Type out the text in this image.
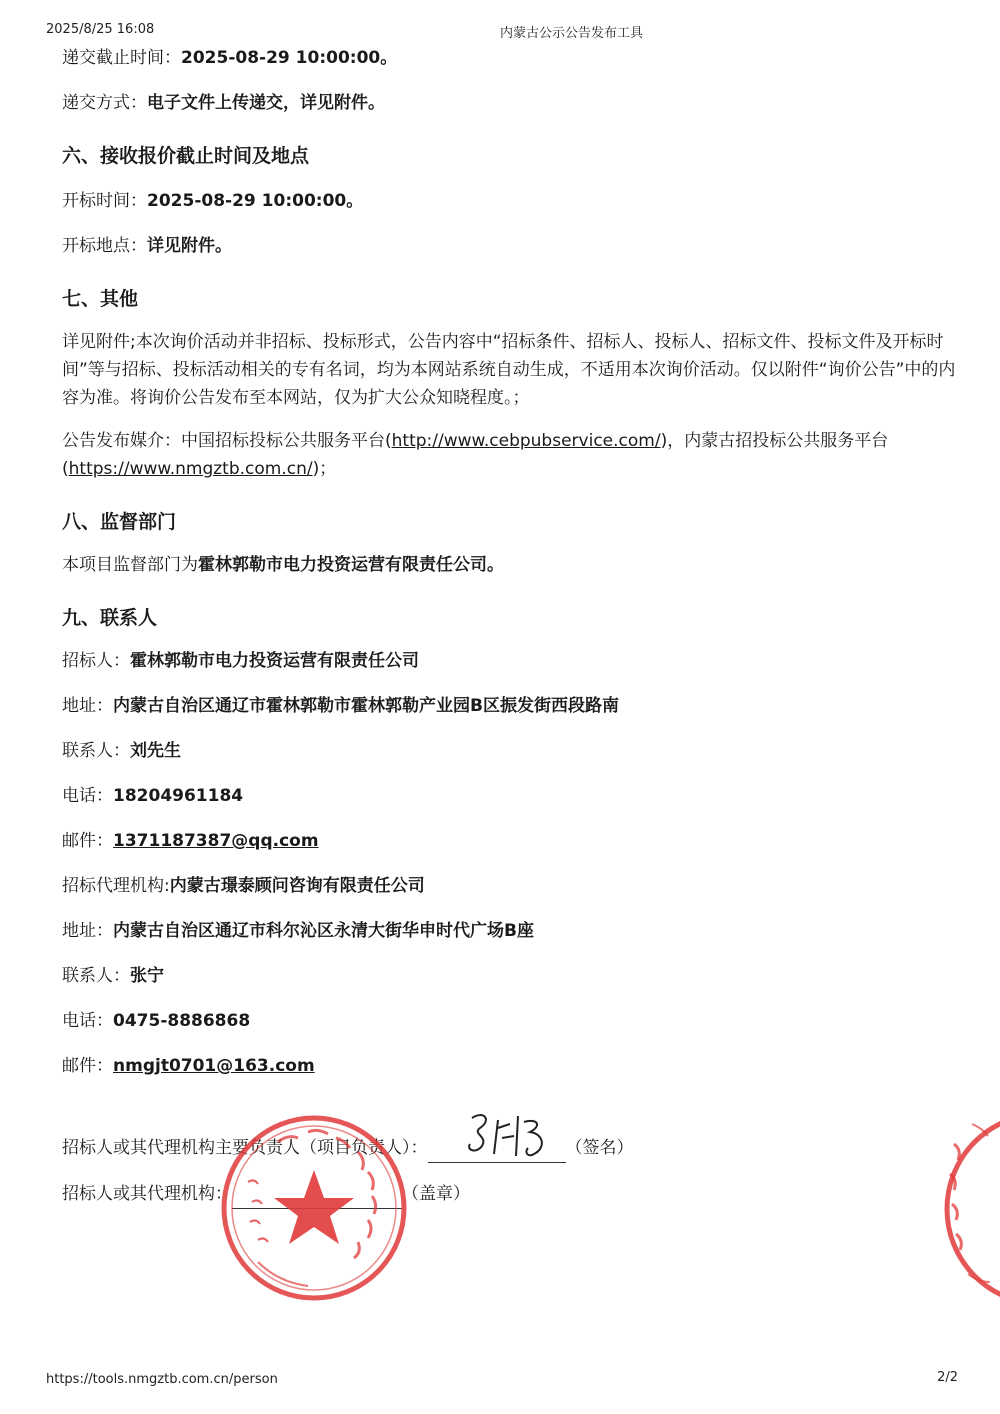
2025/8/25 16:08	内蒙古公示公告发布工具

递交截止时间：2025-08-29 10:00:00。

递交方式：电子文件上传递交，详见附件。

六、接收报价截止时间及地点

开标时间：2025-08-29 10:00:00。

开标地点：详见附件。

七、其他

详见附件;本次询价活动并非招标、投标形式，公告内容中“招标条件、招标人、投标人、招标文件、投标文件及开标时间”等与招标、投标活动相关的专有名词，均为本网站系统自动生成，不适用本次询价活动。仅以附件“询价公告”中的内容为准。将询价公告发布至本网站，仅为扩大公众知晓程度。；

公告发布媒介：中国招标投标公共服务平台(http://www.cebpubservice.com/)，内蒙古招投标公共服务平台
(https://www.nmgztb.com.cn/)；

八、监督部门

本项目监督部门为霍林郭勒市电力投资运营有限责任公司。

九、联系人

招标人：霍林郭勒市电力投资运营有限责任公司

地址：内蒙古自治区通辽市霍林郭勒市霍林郭勒产业园B区振发街西段路南

联系人：刘先生

电话：18204961184

邮件：1371187387@qq.com

招标代理机构:内蒙古璟泰顾问咨询有限责任公司

地址：内蒙古自治区通辽市科尔沁区永清大街华申时代广场B座

联系人：张宁

电话：0475-8886868

邮件：nmgjt0701@163.com

招标人或其代理机构主要负责人（项目负责人）：	（签名）
招标人或其代理机构：	（盖章）
https://tools.nmgztb.com.cn/person	2/2
